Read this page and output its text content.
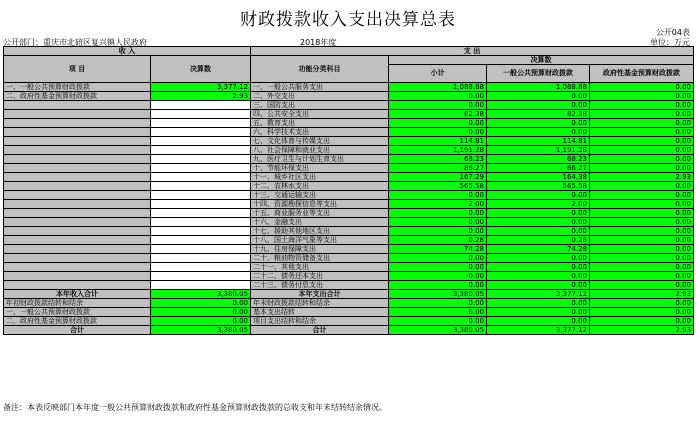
财政拨款收入支出决算总表
公开04表
公开部门：重庆市北碚区复兴镇人民政府	2018年度	单位：万元
收 入		支 出			
项 目	决算数	功能分类科目	决算数		
			小计	一般公共预算财政拨款	政府性基金预算财政拨款

一、一般公共预算财政拨款	3,377.12	一、一般公共服务支出	1,088.88	1,088.88	0.00
二、政府性基金预算财政拨款	2.93	二、外交支出	0.00	0.00	0.00
		三、国防支出	0.00	0.00	0.00
		四、公共安全支出	82.38	82.38	0.00
		五、教育支出	0.00	0.00	0.00
		六、科学技术支出	0.00	0.00	0.00
		七、文化体育与传媒支出	114.81	114.81	0.00
		八、社会保障和就业支出	1,191.28	1,191.28	0.00
		九、医疗卫生与计划生育支出	68.23	68.23	0.00
		十、节能环保支出	86.27	86.27	0.00
		十一、城乡社区支出	167.29	164.38	2.93
		十二、农林水支出	565.58	565.58	0.00
		十三、交通运输支出	0.00	0.00	0.00
		十四、资源勘探信息等支出	2.00	2.00	0.00
		十五、商业服务业等支出	0.00	0.00	0.00
		十六、金融支出	0.00	0.00	0.00
		十七、援助其他地区支出	0.00	0.00	0.00
		十八、国土海洋气象等支出	0.28	0.28	0.00
		十九、住房保障支出	74.28	74.28	0.00
		二十、粮油物资储备支出	0.00	0.00	0.00
		二十一、其他支出	0.00	0.00	0.00
		二十二、债务还本支出	0.00	0.00	0.00
		二十三、债务付息支出	0.00	0.00	0.00
本年收入合计	3,380.05	本年支出合计	3,380.05	3,377.12	2.93
年初财政拨款结转和结余	0.00	年末财政拨款结转和结余	0.00	0.00	0.00
一、一般公共预算财政拨款	0.00	基本支出结转	0.00	0.00	0.00
二、政府性基金预算财政拨款	0.00	项目支出结转和结余	0.00	0.00	0.00
合计	3,380.05	合计	3,380.05	3,377.12	2.93
备注：本表反映部门本年度一般公共预算财政拨款和政府性基金预算财政拨款的总收支和年末结转结余情况。
